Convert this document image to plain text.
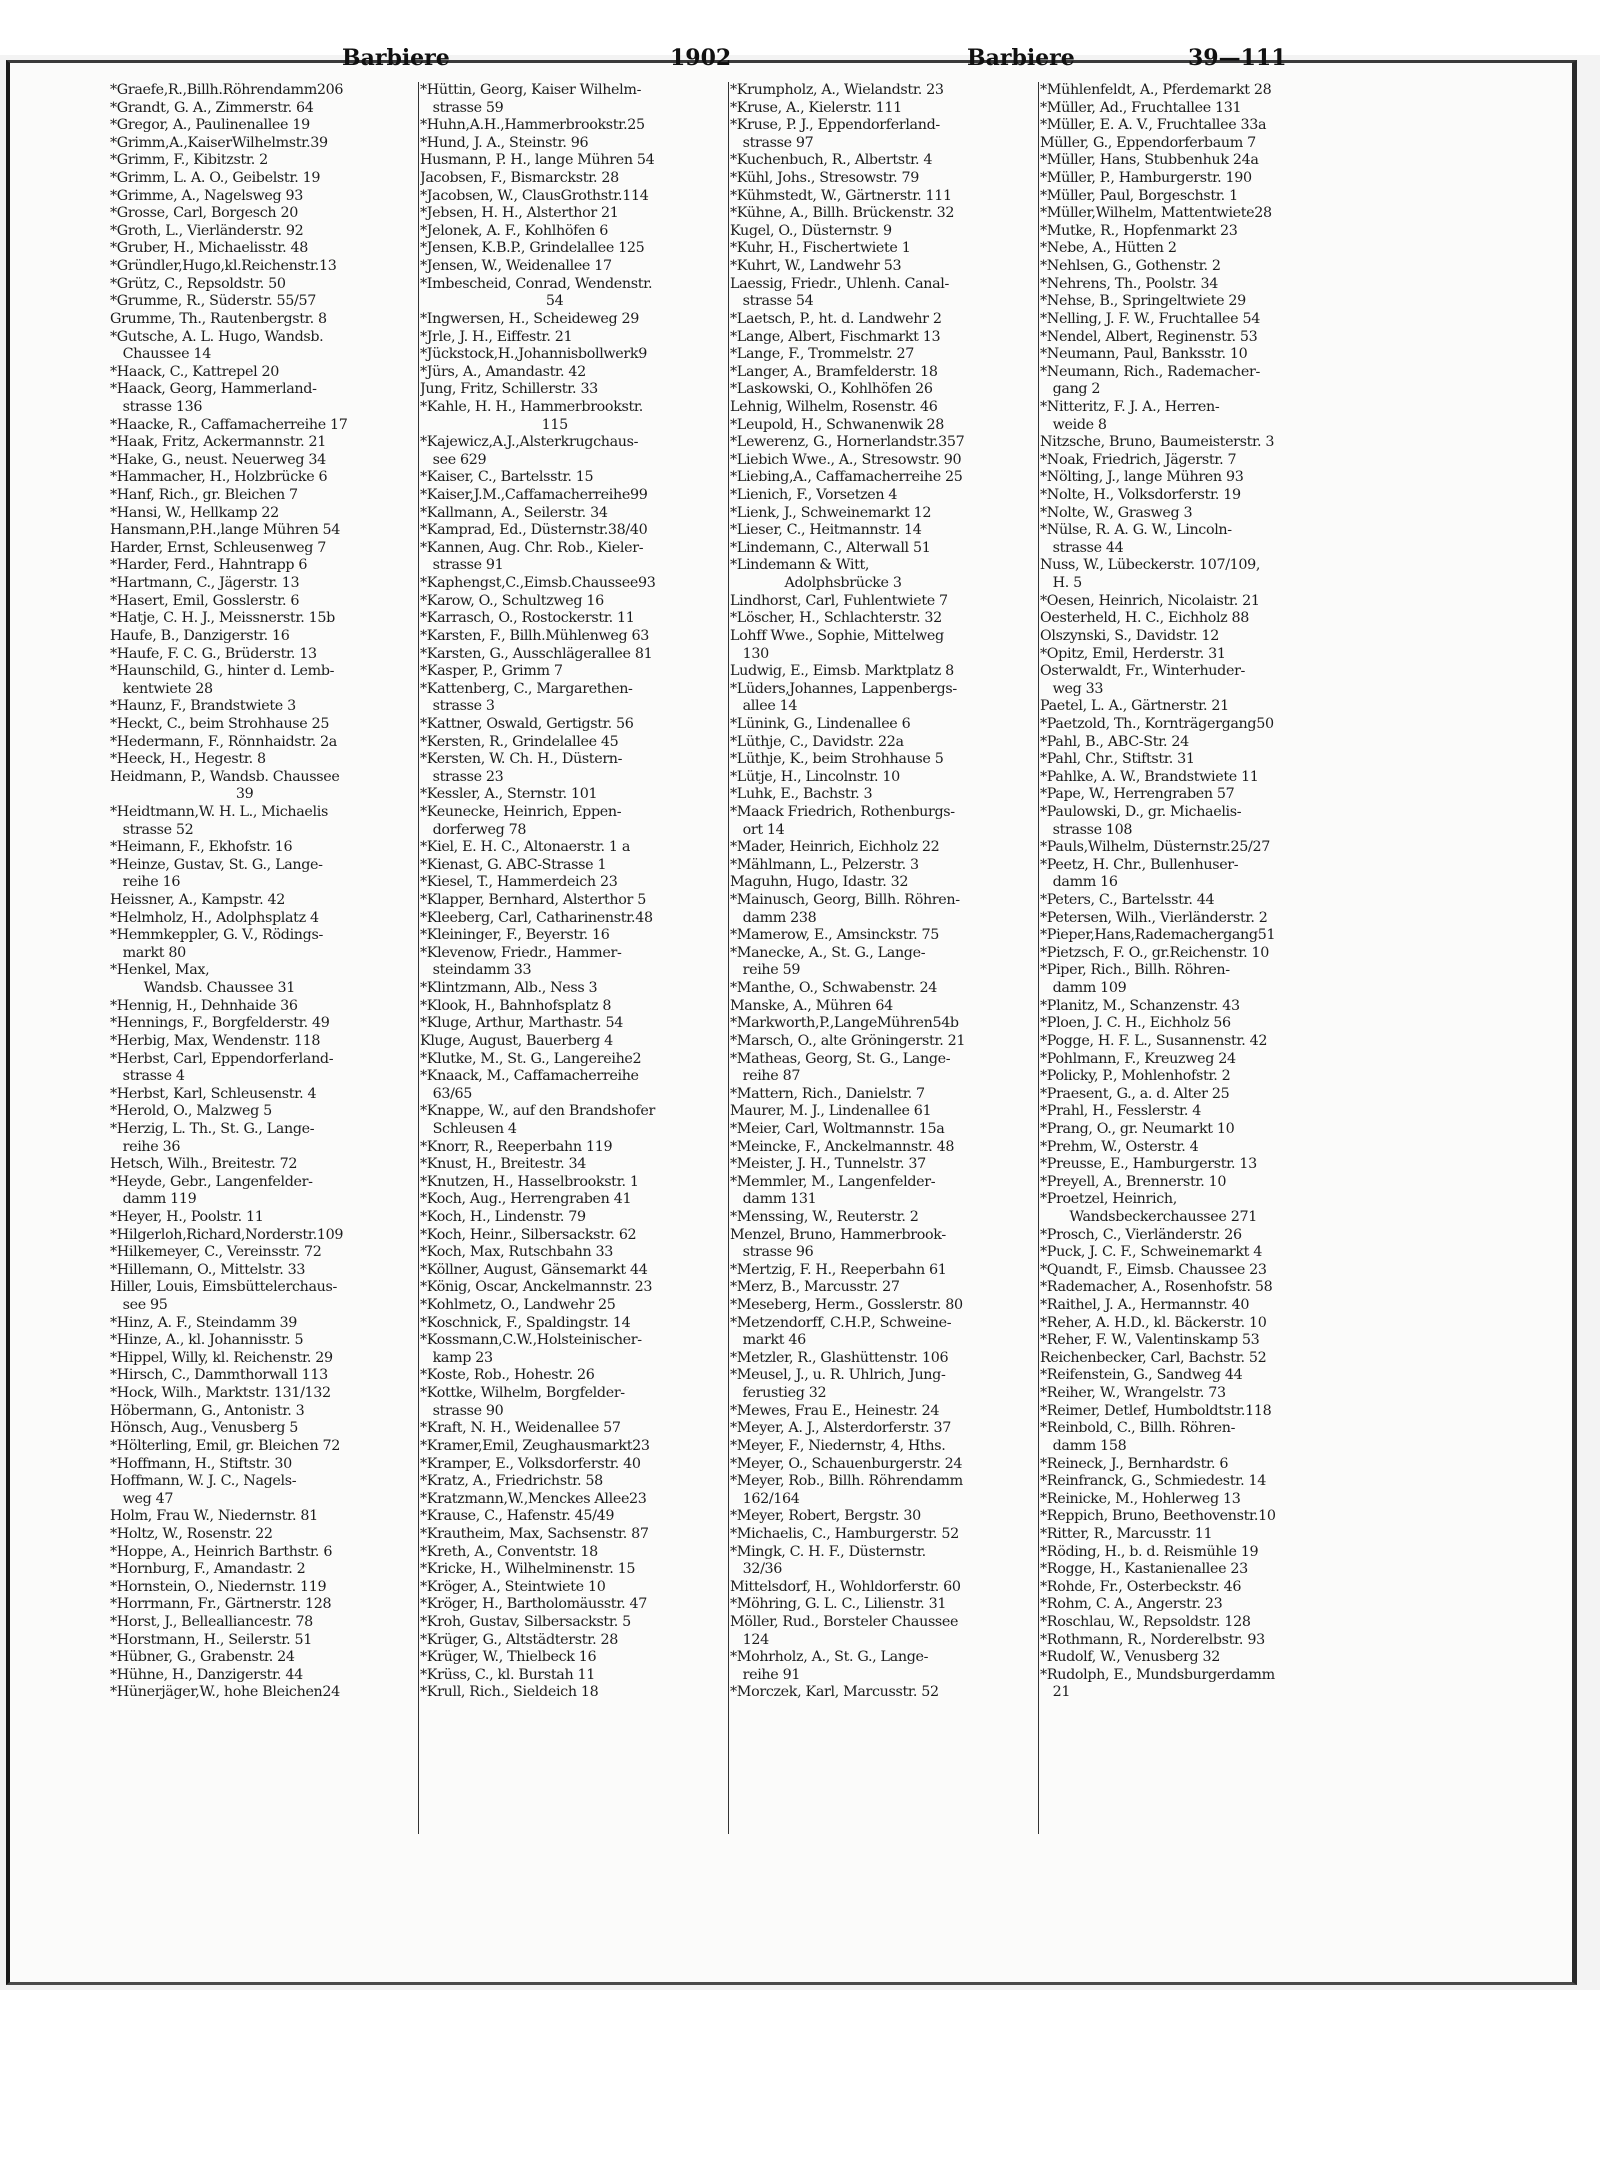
Barbiere	1902	Barbiere	39—111
*Graefe,R.,Billh.Röhrendamm206
*Grandt, G. A., Zimmerstr. 64
*Gregor, A., Paulinenallee 19
*Grimm,A.,KaiserWilhelmstr.39
*Grimm, F., Kibitzstr. 2
*Grimm, L. A. O., Geibelstr. 19
*Grimme, A., Nagelsweg 93
*Grosse, Carl, Borgesch 20
*Groth, L., Vierländerstr. 92
*Gruber, H., Michaelisstr. 48
*Gründler,Hugo,kl.Reichenstr.13
*Grütz, C., Repsoldstr. 50
*Grumme, R., Süderstr. 55/57
Grumme, Th., Rautenbergstr. 8
*Gutsche, A. L. Hugo, Wandsb.
Chaussee 14
*Haack, C., Kattrepel 20
*Haack, Georg, Hammerland-
strasse 136
*Haacke, R., Caffamacherreihe 17
*Haak, Fritz, Ackermannstr. 21
*Hake, G., neust. Neuerweg 34
*Hammacher, H., Holzbrücke 6
*Hanf, Rich., gr. Bleichen 7
*Hansi, W., Hellkamp 22
Hansmann,P.H.,lange Mühren 54
Harder, Ernst, Schleusenweg 7
*Harder, Ferd., Hahntrapp 6
*Hartmann, C., Jägerstr. 13
*Hasert, Emil, Gosslerstr. 6
*Hatje, C. H. J., Meissnerstr. 15b
Haufe, B., Danzigerstr. 16
*Haufe, F. C. G., Brüderstr. 13
*Haunschild, G., hinter d. Lemb-
kentwiete 28
*Haunz, F., Brandstwiete 3
*Heckt, C., beim Strohhause 25
*Hedermann, F., Rönnhaidstr. 2a
*Heeck, H., Hegestr. 8
Heidmann, P., Wandsb. Chaussee
39
*Heidtmann,W. H. L., Michaelis
strasse 52
*Heimann, F., Ekhofstr. 16
*Heinze, Gustav, St. G., Lange-
reihe 16
Heissner, A., Kampstr. 42
*Helmholz, H., Adolphsplatz 4
*Hemmkeppler, G. V., Rödings-
markt 80
*Henkel, Max,
Wandsb. Chaussee 31
*Hennig, H., Dehnhaide 36
*Hennings, F., Borgfelderstr. 49
*Herbig, Max, Wendenstr. 118
*Herbst, Carl, Eppendorferland-
strasse 4
*Herbst, Karl, Schleusenstr. 4
*Herold, O., Malzweg 5
*Herzig, L. Th., St. G., Lange-
reihe 36
Hetsch, Wilh., Breitestr. 72
*Heyde, Gebr., Langenfelder-
damm 119
*Heyer, H., Poolstr. 11
*Hilgerloh,Richard,Norderstr.109
*Hilkemeyer, C., Vereinsstr. 72
*Hillemann, O., Mittelstr. 33
Hiller, Louis, Eimsbüttelerchaus-
see 95
*Hinz, A. F., Steindamm 39
*Hinze, A., kl. Johannisstr. 5
*Hippel, Willy, kl. Reichenstr. 29
*Hirsch, C., Dammthorwall 113
*Hock, Wilh., Marktstr. 131/132
Höbermann, G., Antonistr. 3
Hönsch, Aug., Venusberg 5
*Hölterling, Emil, gr. Bleichen 72
*Hoffmann, H., Stiftstr. 30
Hoffmann, W. J. C., Nagels-
weg 47
Holm, Frau W., Niedernstr. 81
*Holtz, W., Rosenstr. 22
*Hoppe, A., Heinrich Barthstr. 6
*Hornburg, F., Amandastr. 2
*Hornstein, O., Niedernstr. 119
*Horrmann, Fr., Gärtnerstr. 128
*Horst, J., Bellealliancestr. 78
*Horstmann, H., Seilerstr. 51
*Hübner, G., Grabenstr. 24
*Hühne, H., Danzigerstr. 44
*Hünerjäger,W., hohe Bleichen24
*Hüttin, Georg, Kaiser Wilhelm-
strasse 59
*Huhn,A.H.,Hammerbrookstr.25
*Hund, J. A., Steinstr. 96
Husmann, P. H., lange Mühren 54
Jacobsen, F., Bismarckstr. 28
*Jacobsen, W., ClausGrothstr.114
*Jebsen, H. H., Alsterthor 21
*Jelonek, A. F., Kohlhöfen 6
*Jensen, K.B.P., Grindelallee 125
*Jensen, W., Weidenallee 17
*Imbescheid, Conrad, Wendenstr.
54
*Ingwersen, H., Scheideweg 29
*Jrle, J. H., Eiffestr. 21
*Jückstock,H.,Johannisbollwerk9
*Jürs, A., Amandastr. 42
Jung, Fritz, Schillerstr. 33
*Kahle, H. H., Hammerbrookstr.
115
*Kajewicz,A.J.,Alsterkrugchaus-
see 629
*Kaiser, C., Bartelsstr. 15
*Kaiser,J.M.,Caffamacherreihe99
*Kallmann, A., Seilerstr. 34
*Kamprad, Ed., Düsternstr.38/40
*Kannen, Aug. Chr. Rob., Kieler-
strasse 91
*Kaphengst,C.,Eimsb.Chaussee93
*Karow, O., Schultzweg 16
*Karrasch, O., Rostockerstr. 11
*Karsten, F., Billh.Mühlenweg 63
*Karsten, G., Ausschlägerallee 81
*Kasper, P., Grimm 7
*Kattenberg, C., Margarethen-
strasse 3
*Kattner, Oswald, Gertigstr. 56
*Kersten, R., Grindelallee 45
*Kersten, W. Ch. H., Düstern-
strasse 23
*Kessler, A., Sternstr. 101
*Keunecke, Heinrich, Eppen-
dorferweg 78
*Kiel, E. H. C., Altonaerstr. 1 a
*Kienast, G. ABC-Strasse 1
*Kiesel, T., Hammerdeich 23
*Klapper, Bernhard, Alsterthor 5
*Kleeberg, Carl, Catharinenstr.48
*Kleininger, F., Beyerstr. 16
*Klevenow, Friedr., Hammer-
steindamm 33
*Klintzmann, Alb., Ness 3
*Klook, H., Bahnhofsplatz 8
*Kluge, Arthur, Marthastr. 54
Kluge, August, Bauerberg 4
*Klutke, M., St. G., Langereihe2
*Knaack, M., Caffamacherreihe
63/65
*Knappe, W., auf den Brandshofer
Schleusen 4
*Knorr, R., Reeperbahn 119
*Knust, H., Breitestr. 34
*Knutzen, H., Hasselbrookstr. 1
*Koch, Aug., Herrengraben 41
*Koch, H., Lindenstr. 79
*Koch, Heinr., Silbersackstr. 62
*Koch, Max, Rutschbahn 33
*Köllner, August, Gänsemarkt 44
*König, Oscar, Anckelmannstr. 23
*Kohlmetz, O., Landwehr 25
*Koschnick, F., Spaldingstr. 14
*Kossmann,C.W.,Holsteinischer-
kamp 23
*Koste, Rob., Hohestr. 26
*Kottke, Wilhelm, Borgfelder-
strasse 90
*Kraft, N. H., Weidenallee 57
*Kramer,Emil, Zeughausmarkt23
*Kramper, E., Volksdorferstr. 40
*Kratz, A., Friedrichstr. 58
*Kratzmann,W.,Menckes Allee23
*Krause, C., Hafenstr. 45/49
*Krautheim, Max, Sachsenstr. 87
*Kreth, A., Conventstr. 18
*Kricke, H., Wilhelminenstr. 15
*Kröger, A., Steintwiete 10
*Kröger, H., Bartholomäusstr. 47
*Kroh, Gustav, Silbersackstr. 5
*Krüger, G., Altstädterstr. 28
*Krüger, W., Thielbeck 16
*Krüss, C., kl. Burstah 11
*Krull, Rich., Sieldeich 18
*Krumpholz, A., Wielandstr. 23
*Kruse, A., Kielerstr. 111
*Kruse, P. J., Eppendorferland-
strasse 97
*Kuchenbuch, R., Albertstr. 4
*Kühl, Johs., Stresowstr. 79
*Kühmstedt, W., Gärtnerstr. 111
*Kühne, A., Billh. Brückenstr. 32
Kugel, O., Düsternstr. 9
*Kuhr, H., Fischertwiete 1
*Kuhrt, W., Landwehr 53
Laessig, Friedr., Uhlenh. Canal-
strasse 54
*Laetsch, P., ht. d. Landwehr 2
*Lange, Albert, Fischmarkt 13
*Lange, F., Trommelstr. 27
*Langer, A., Bramfelderstr. 18
*Laskowski, O., Kohlhöfen 26
Lehnig, Wilhelm, Rosenstr. 46
*Leupold, H., Schwanenwik 28
*Lewerenz, G., Hornerlandstr.357
*Liebich Wwe., A., Stresowstr. 90
*Liebing,A., Caffamacherreihe 25
*Lienich, F., Vorsetzen 4
*Lienk, J., Schweinemarkt 12
*Lieser, C., Heitmannstr. 14
*Lindemann, C., Alterwall 51
*Lindemann & Witt,
Adolphsbrücke 3
Lindhorst, Carl, Fuhlentwiete 7
*Löscher, H., Schlachterstr. 32
Lohff Wwe., Sophie, Mittelweg
130
Ludwig, E., Eimsb. Marktplatz 8
*Lüders,Johannes, Lappenbergs-
allee 14
*Lünink, G., Lindenallee 6
*Lüthje, C., Davidstr. 22a
*Lüthje, K., beim Strohhause 5
*Lütje, H., Lincolnstr. 10
*Luhk, E., Bachstr. 3
*Maack Friedrich, Rothenburgs-
ort 14
*Mader, Heinrich, Eichholz 22
*Mählmann, L., Pelzerstr. 3
Maguhn, Hugo, Idastr. 32
*Mainusch, Georg, Billh. Röhren-
damm 238
*Mamerow, E., Amsinckstr. 75
*Manecke, A., St. G., Lange-
reihe 59
*Manthe, O., Schwabenstr. 24
Manske, A., Mühren 64
*Markworth,P.,LangeMühren54b
*Marsch, O., alte Gröningerstr. 21
*Matheas, Georg, St. G., Lange-
reihe 87
*Mattern, Rich., Danielstr. 7
Maurer, M. J., Lindenallee 61
*Meier, Carl, Woltmannstr. 15a
*Meincke, F., Anckelmannstr. 48
*Meister, J. H., Tunnelstr. 37
*Memmler, M., Langenfelder-
damm 131
*Menssing, W., Reuterstr. 2
Menzel, Bruno, Hammerbrook-
strasse 96
*Mertzig, F. H., Reeperbahn 61
*Merz, B., Marcusstr. 27
*Meseberg, Herm., Gosslerstr. 80
*Metzendorff, C.H.P., Schweine-
markt 46
*Metzler, R., Glashüttenstr. 106
*Meusel, J., u. R. Uhlrich, Jung-
ferustieg 32
*Mewes, Frau E., Heinestr. 24
*Meyer, A. J., Alsterdorferstr. 37
*Meyer, F., Niedernstr, 4, Hths.
*Meyer, O., Schauenburgerstr. 24
*Meyer, Rob., Billh. Röhrendamm
162/164
*Meyer, Robert, Bergstr. 30
*Michaelis, C., Hamburgerstr. 52
*Mingk, C. H. F., Düsternstr.
32/36
Mittelsdorf, H., Wohldorferstr. 60
*Möhring, G. L. C., Lilienstr. 31
Möller, Rud., Borsteler Chaussee
124
*Mohrholz, A., St. G., Lange-
reihe 91
*Morczek, Karl, Marcusstr. 52
*Mühlenfeldt, A., Pferdemarkt 28
*Müller, Ad., Fruchtallee 131
*Müller, E. A. V., Fruchtallee 33a
Müller, G., Eppendorferbaum 7
*Müller, Hans, Stubbenhuk 24a
*Müller, P., Hamburgerstr. 190
*Müller, Paul, Borgeschstr. 1
*Müller,Wilhelm, Mattentwiete28
*Mutke, R., Hopfenmarkt 23
*Nebe, A., Hütten 2
*Nehlsen, G., Gothenstr. 2
*Nehrens, Th., Poolstr. 34
*Nehse, B., Springeltwiete 29
*Nelling, J. F. W., Fruchtallee 54
*Nendel, Albert, Reginenstr. 53
*Neumann, Paul, Banksstr. 10
*Neumann, Rich., Rademacher-
gang 2
*Nitteritz, F. J. A., Herren-
weide 8
Nitzsche, Bruno, Baumeisterstr. 3
*Noak, Friedrich, Jägerstr. 7
*Nölting, J., lange Mühren 93
*Nolte, H., Volksdorferstr. 19
*Nolte, W., Grasweg 3
*Nülse, R. A. G. W., Lincoln-
strasse 44
Nuss, W., Lübeckerstr. 107/109,
H. 5
*Oesen, Heinrich, Nicolaistr. 21
Oesterheld, H. C., Eichholz 88
Olszynski, S., Davidstr. 12
*Opitz, Emil, Herderstr. 31
Osterwaldt, Fr., Winterhuder-
weg 33
Paetel, L. A., Gärtnerstr. 21
*Paetzold, Th., Kornträgergang50
*Pahl, B., ABC-Str. 24
*Pahl, Chr., Stiftstr. 31
*Pahlke, A. W., Brandstwiete 11
*Pape, W., Herrengraben 57
*Paulowski, D., gr. Michaelis-
strasse 108
*Pauls,Wilhelm, Düsternstr.25/27
*Peetz, H. Chr., Bullenhuser-
damm 16
*Peters, C., Bartelsstr. 44
*Petersen, Wilh., Vierländerstr. 2
*Pieper,Hans,Rademachergang51
*Pietzsch, F. O., gr.Reichenstr. 10
*Piper, Rich., Billh. Röhren-
damm 109
*Planitz, M., Schanzenstr. 43
*Ploen, J. C. H., Eichholz 56
*Pogge, H. F. L., Susannenstr. 42
*Pohlmann, F., Kreuzweg 24
*Policky, P., Mohlenhofstr. 2
*Praesent, G., a. d. Alter 25
*Prahl, H., Fesslerstr. 4
*Prang, O., gr. Neumarkt 10
*Prehm, W., Osterstr. 4
*Preusse, E., Hamburgerstr. 13
*Preyell, A., Brennerstr. 10
*Proetzel, Heinrich,
Wandsbeckerchaussee 271
*Prosch, C., Vierländerstr. 26
*Puck, J. C. F., Schweinemarkt 4
*Quandt, F., Eimsb. Chaussee 23
*Rademacher, A., Rosenhofstr. 58
*Raithel, J. A., Hermannstr. 40
*Reher, A. H.D., kl. Bäckerstr. 10
*Reher, F. W., Valentinskamp 53
Reichenbecker, Carl, Bachstr. 52
*Reifenstein, G., Sandweg 44
*Reiher, W., Wrangelstr. 73
*Reimer, Detlef, Humboldtstr.118
*Reinbold, C., Billh. Röhren-
damm 158
*Reineck, J., Bernhardstr. 6
*Reinfranck, G., Schmiedestr. 14
*Reinicke, M., Hohlerweg 13
*Reppich, Bruno, Beethovenstr.10
*Ritter, R., Marcusstr. 11
*Röding, H., b. d. Reismühle 19
*Rogge, H., Kastanienallee 23
*Rohde, Fr., Osterbeckstr. 46
*Rohm, C. A., Angerstr. 23
*Roschlau, W., Repsoldstr. 128
*Rothmann, R., Norderelbstr. 93
*Rudolf, W., Venusberg 32
*Rudolph, E., Mundsburgerdamm
21
